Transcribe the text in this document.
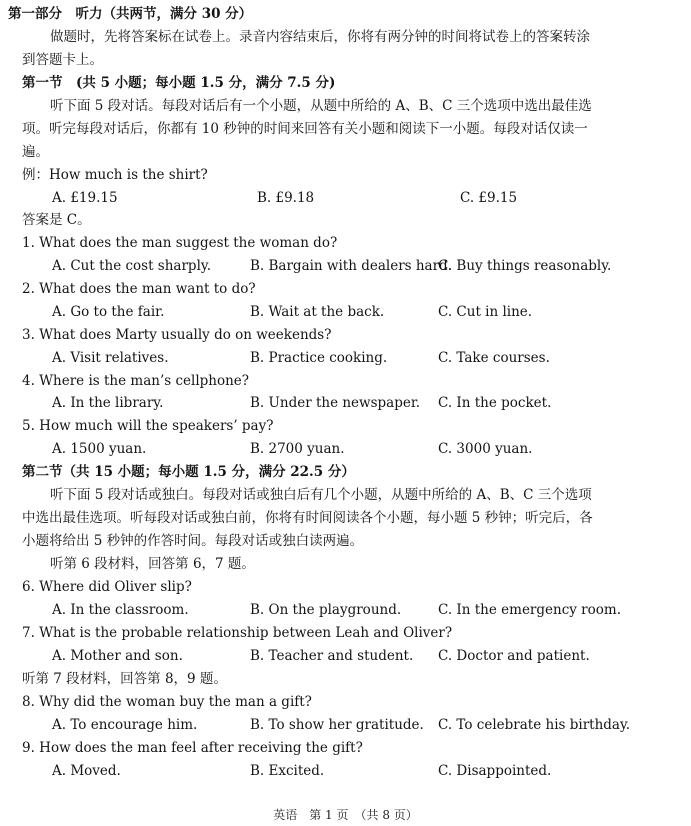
第一部分　听力（共两节，满分 30 分）
做题时，先将答案标在试卷上。录音内容结束后，你将有两分钟的时间将试卷上的答案转涂
到答题卡上。
第一节　(共 5 小题；每小题 1.5 分，满分 7.5 分)
听下面 5 段对话。每段对话后有一个小题，从题中所给的 A、B、C 三个选项中选出最佳选
项。听完每段对话后，你都有 10 秒钟的时间来回答有关小题和阅读下一小题。每段对话仅读一
遍。
例：How much is the shirt?
A. £19.15	B. £9.18	C. £9.15
答案是 C。
1. What does the man suggest the woman do?
A. Cut the cost sharply.	B. Bargain with dealers hard.
C. Buy things reasonably.
2. What does the man want to do?
A. Go to the fair.	B. Wait at the back.	C. Cut in line.
3. What does Marty usually do on weekends?
A. Visit relatives.	B. Practice cooking.	C. Take courses.
4. Where is the man’s cellphone?
A. In the library.	B. Under the newspaper. C. In the pocket.
5. How much will the speakers’ pay?
A. 1500 yuan.	B. 2700 yuan.	C. 3000 yuan.
第二节（共 15 小题；每小题 1.5 分，满分 22.5 分）
听下面 5 段对话或独白。每段对话或独白后有几个小题，从题中所给的 A、B、C 三个选项
中选出最佳选项。听每段对话或独白前，你将有时间阅读各个小题，每小题 5 秒钟；听完后，各
小题将给出 5 秒钟的作答时间。每段对话或独白读两遍。
听第 6 段材料，回答第 6，7 题。
6. Where did Oliver slip?
A. In the classroom.	B. On the playground.	C. In the emergency room.
7. What is the probable relationship between Leah and Oliver?
A. Mother and son.	B. Teacher and student. C. Doctor and patient.
听第 7 段材料，回答第 8，9 题。
8. Why did the woman buy the man a gift?
A. To encourage him.	B. To show her gratitude. C. To celebrate his birthday.
9. How does the man feel after receiving the gift?
A. Moved.	B. Excited.	C. Disappointed.
英语　第 1 页　（共 8 页）
